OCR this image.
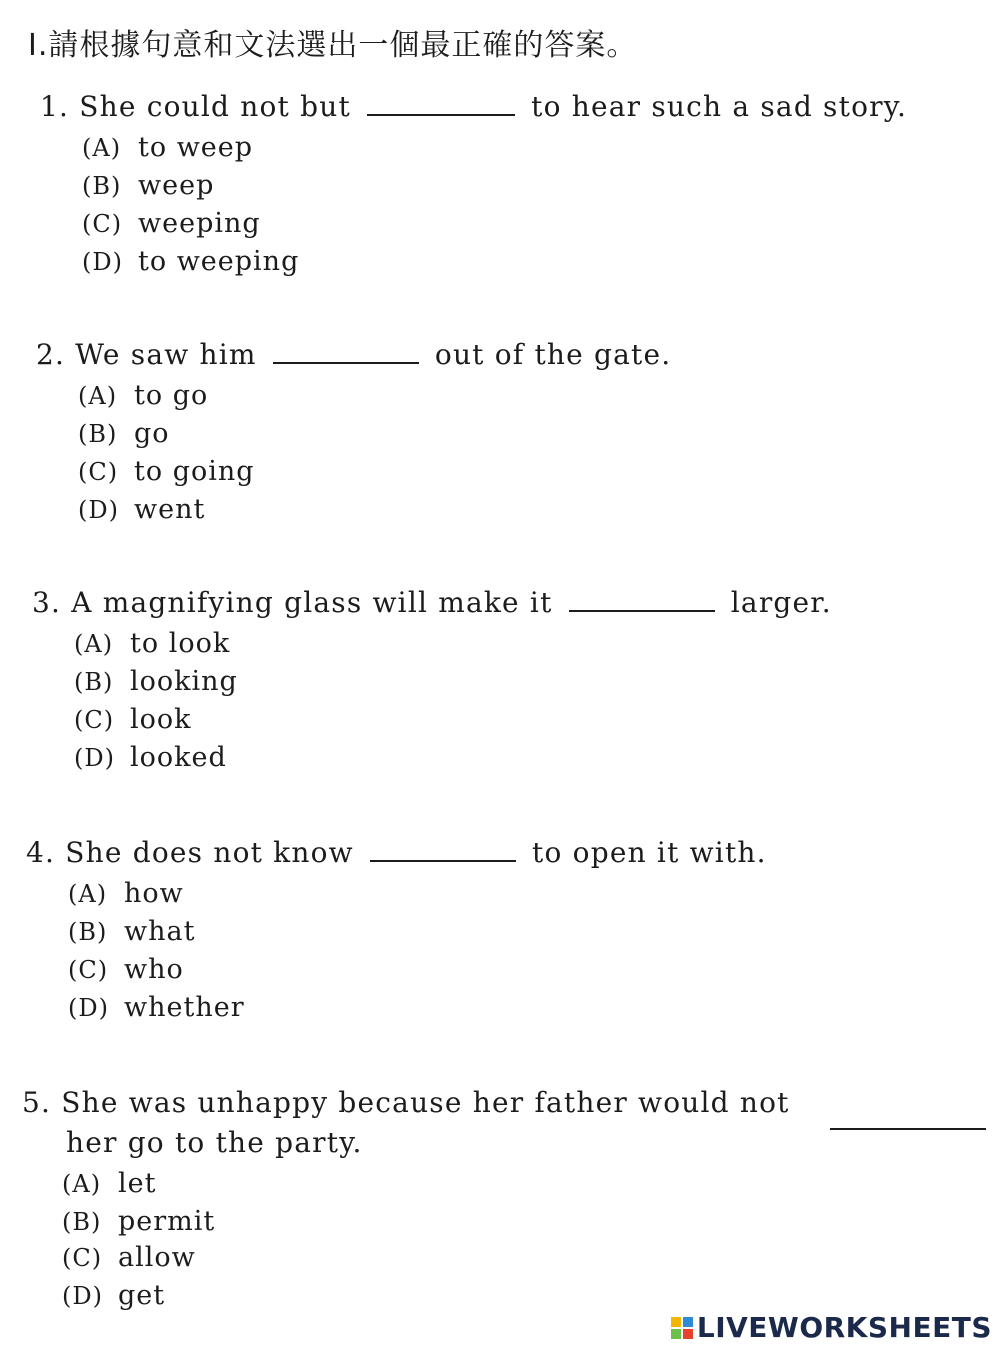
I.請根據句意和文法選出一個最正確的答案。
1. She could not but	to hear such a sad story.
(A) to weep
(B) weep
(C) weeping
(D) to weeping
2. We saw him	out of the gate.
(A) to go
(B) go
(C) to going
(D) went
3. A magnifying glass will make it	larger.
(A) to look
(B) looking
(C) look
(D) looked
4. She does not know	to open it with.
(A) how
(B) what
(C) who
(D) whether
5. She was unhappy because her father would not
her go to the party.
(A) let
(B) permit
(C) allow
(D) get
LIVEWORKSHEETS
